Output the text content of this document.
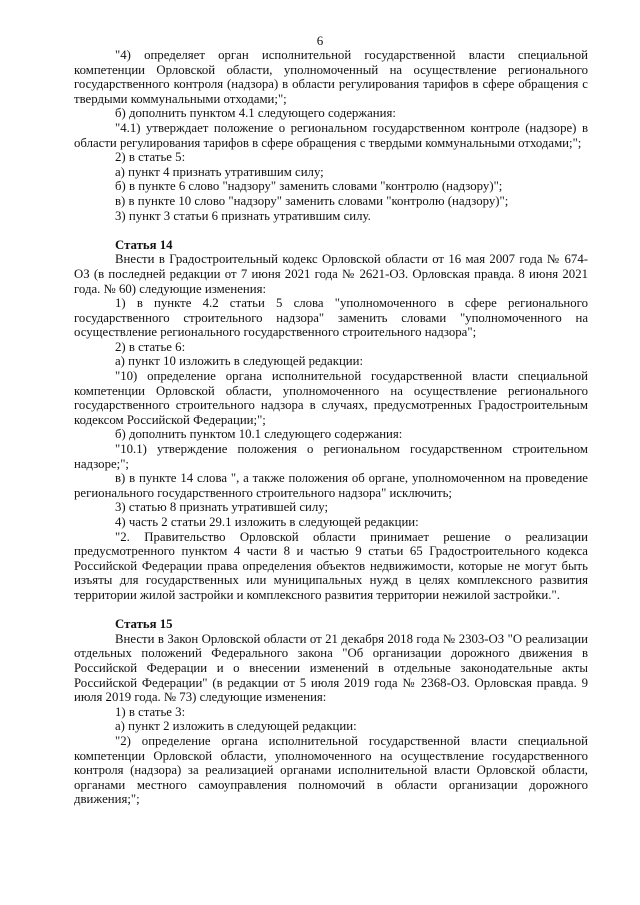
6

"4) определяет орган исполнительной государственной власти специальной компетенции Орловской области, уполномоченный на осуществление регионального государственного контроля (надзора) в области регулирования тарифов в сфере обращения с твердыми коммунальными отходами;";

б) дополнить пунктом 4.1 следующего содержания:

"4.1) утверждает положение о региональном государственном контроле (надзоре) в области регулирования тарифов в сфере обращения с твердыми коммунальными отходами;";

2) в статье 5:

а) пункт 4 признать утратившим силу;

б) в пункте 6 слово "надзору" заменить словами "контролю (надзору)";

в) в пункте 10 слово "надзору" заменить словами "контролю (надзору)";

3) пункт 3 статьи 6 признать утратившим силу.

Статья 14

Внести в Градостроительный кодекс Орловской области от 16 мая 2007 года № 674-ОЗ (в последней редакции от 7 июня 2021 года № 2621-ОЗ. Орловская правда. 8 июня 2021 года. № 60) следующие изменения:

1) в пункте 4.2 статьи 5 слова "уполномоченного в сфере регионального государственного строительного надзора" заменить словами "уполномоченного на осуществление регионального государственного строительного надзора";

2) в статье 6:

а) пункт 10 изложить в следующей редакции:

"10) определение органа исполнительной государственной власти специальной компетенции Орловской области, уполномоченного на осуществление регионального государственного строительного надзора в случаях, предусмотренных Градостроительным кодексом Российской Федерации;";

б) дополнить пунктом 10.1 следующего содержания:

"10.1) утверждение положения о региональном государственном строительном надзоре;";

в) в пункте 14 слова ", а также положения об органе, уполномоченном на проведение регионального государственного строительного надзора" исключить;

3) статью 8 признать утратившей силу;

4) часть 2 статьи 29.1 изложить в следующей редакции:

"2. Правительство Орловской области принимает решение о реализации предусмотренного пунктом 4 части 8 и частью 9 статьи 65 Градостроительного кодекса Российской Федерации права определения объектов недвижимости, которые не могут быть изъяты для государственных или муниципальных нужд в целях комплексного развития территории жилой застройки и комплексного развития территории нежилой застройки.".

Статья 15

Внести в Закон Орловской области от 21 декабря 2018 года № 2303-ОЗ "О реализации отдельных положений Федерального закона "Об организации дорожного движения в Российской Федерации и о внесении изменений в отдельные законодательные акты Российской Федерации" (в редакции от 5 июля 2019 года № 2368-ОЗ. Орловская правда. 9 июля 2019 года. № 73) следующие изменения:

1) в статье 3:

а) пункт 2 изложить в следующей редакции:

"2) определение органа исполнительной государственной власти специальной компетенции Орловской области, уполномоченного на осуществление государственного контроля (надзора) за реализацией органами исполнительной власти Орловской области, органами местного самоуправления полномочий в области организации дорожного движения;";
